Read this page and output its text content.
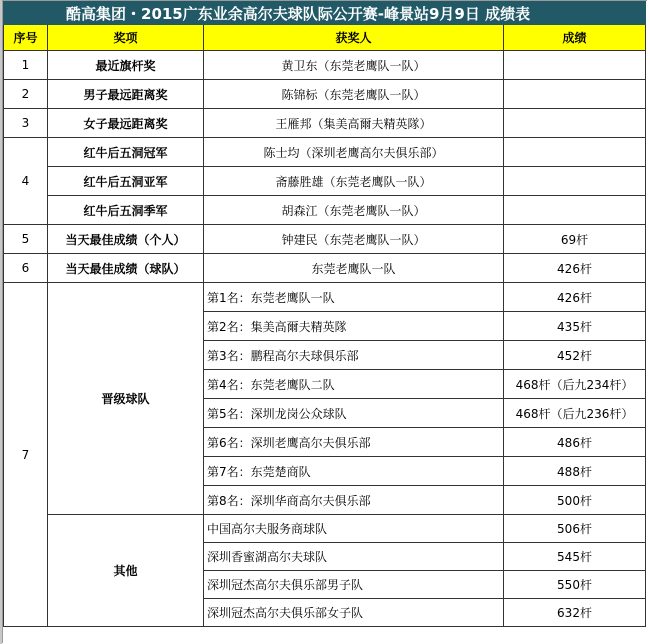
酷高集团・2015广东业余高尔夫球队际公开赛-峰景站9月9日 成绩表			
序号	奖项	获奖人	成绩
1	最近旗杆奖	黄卫东（东莞老鹰队一队）	
2	男子最远距离奖	陈锦标（东莞老鹰队一队）	
3	女子最远距离奖	王雁邦（集美高爾夫精英隊）	
4	红牛后五洞冠军	陈士均（深圳老鹰高尔夫俱乐部）	
	红牛后五洞亚军	斋藤胜雄（东莞老鹰队一队）	
	红牛后五洞季军	胡森江（东莞老鹰队一队）	
5	当天最佳成绩（个人）	钟建民（东莞老鹰队一队）	69杆
6	当天最佳成绩（球队）	东莞老鹰队一队	426杆
7	晋级球队	第1名：东莞老鹰队一队	426杆
		第2名：集美高爾夫精英隊	435杆
		第3名：鹏程高尔夫球俱乐部	452杆
		第4名：东莞老鹰队二队	468杆（后九234杆）
		第5名：深圳龙岗公众球队	468杆（后九236杆）
		第6名：深圳老鹰高尔夫俱乐部	486杆
		第7名：东莞楚商队	488杆
		第8名：深圳华商高尔夫俱乐部	500杆
	其他	中国高尔夫服务商球队	506杆
		深圳香蜜湖高尔夫球队	545杆
		深圳冠杰高尔夫俱乐部男子队	550杆
		深圳冠杰高尔夫俱乐部女子队	632杆
